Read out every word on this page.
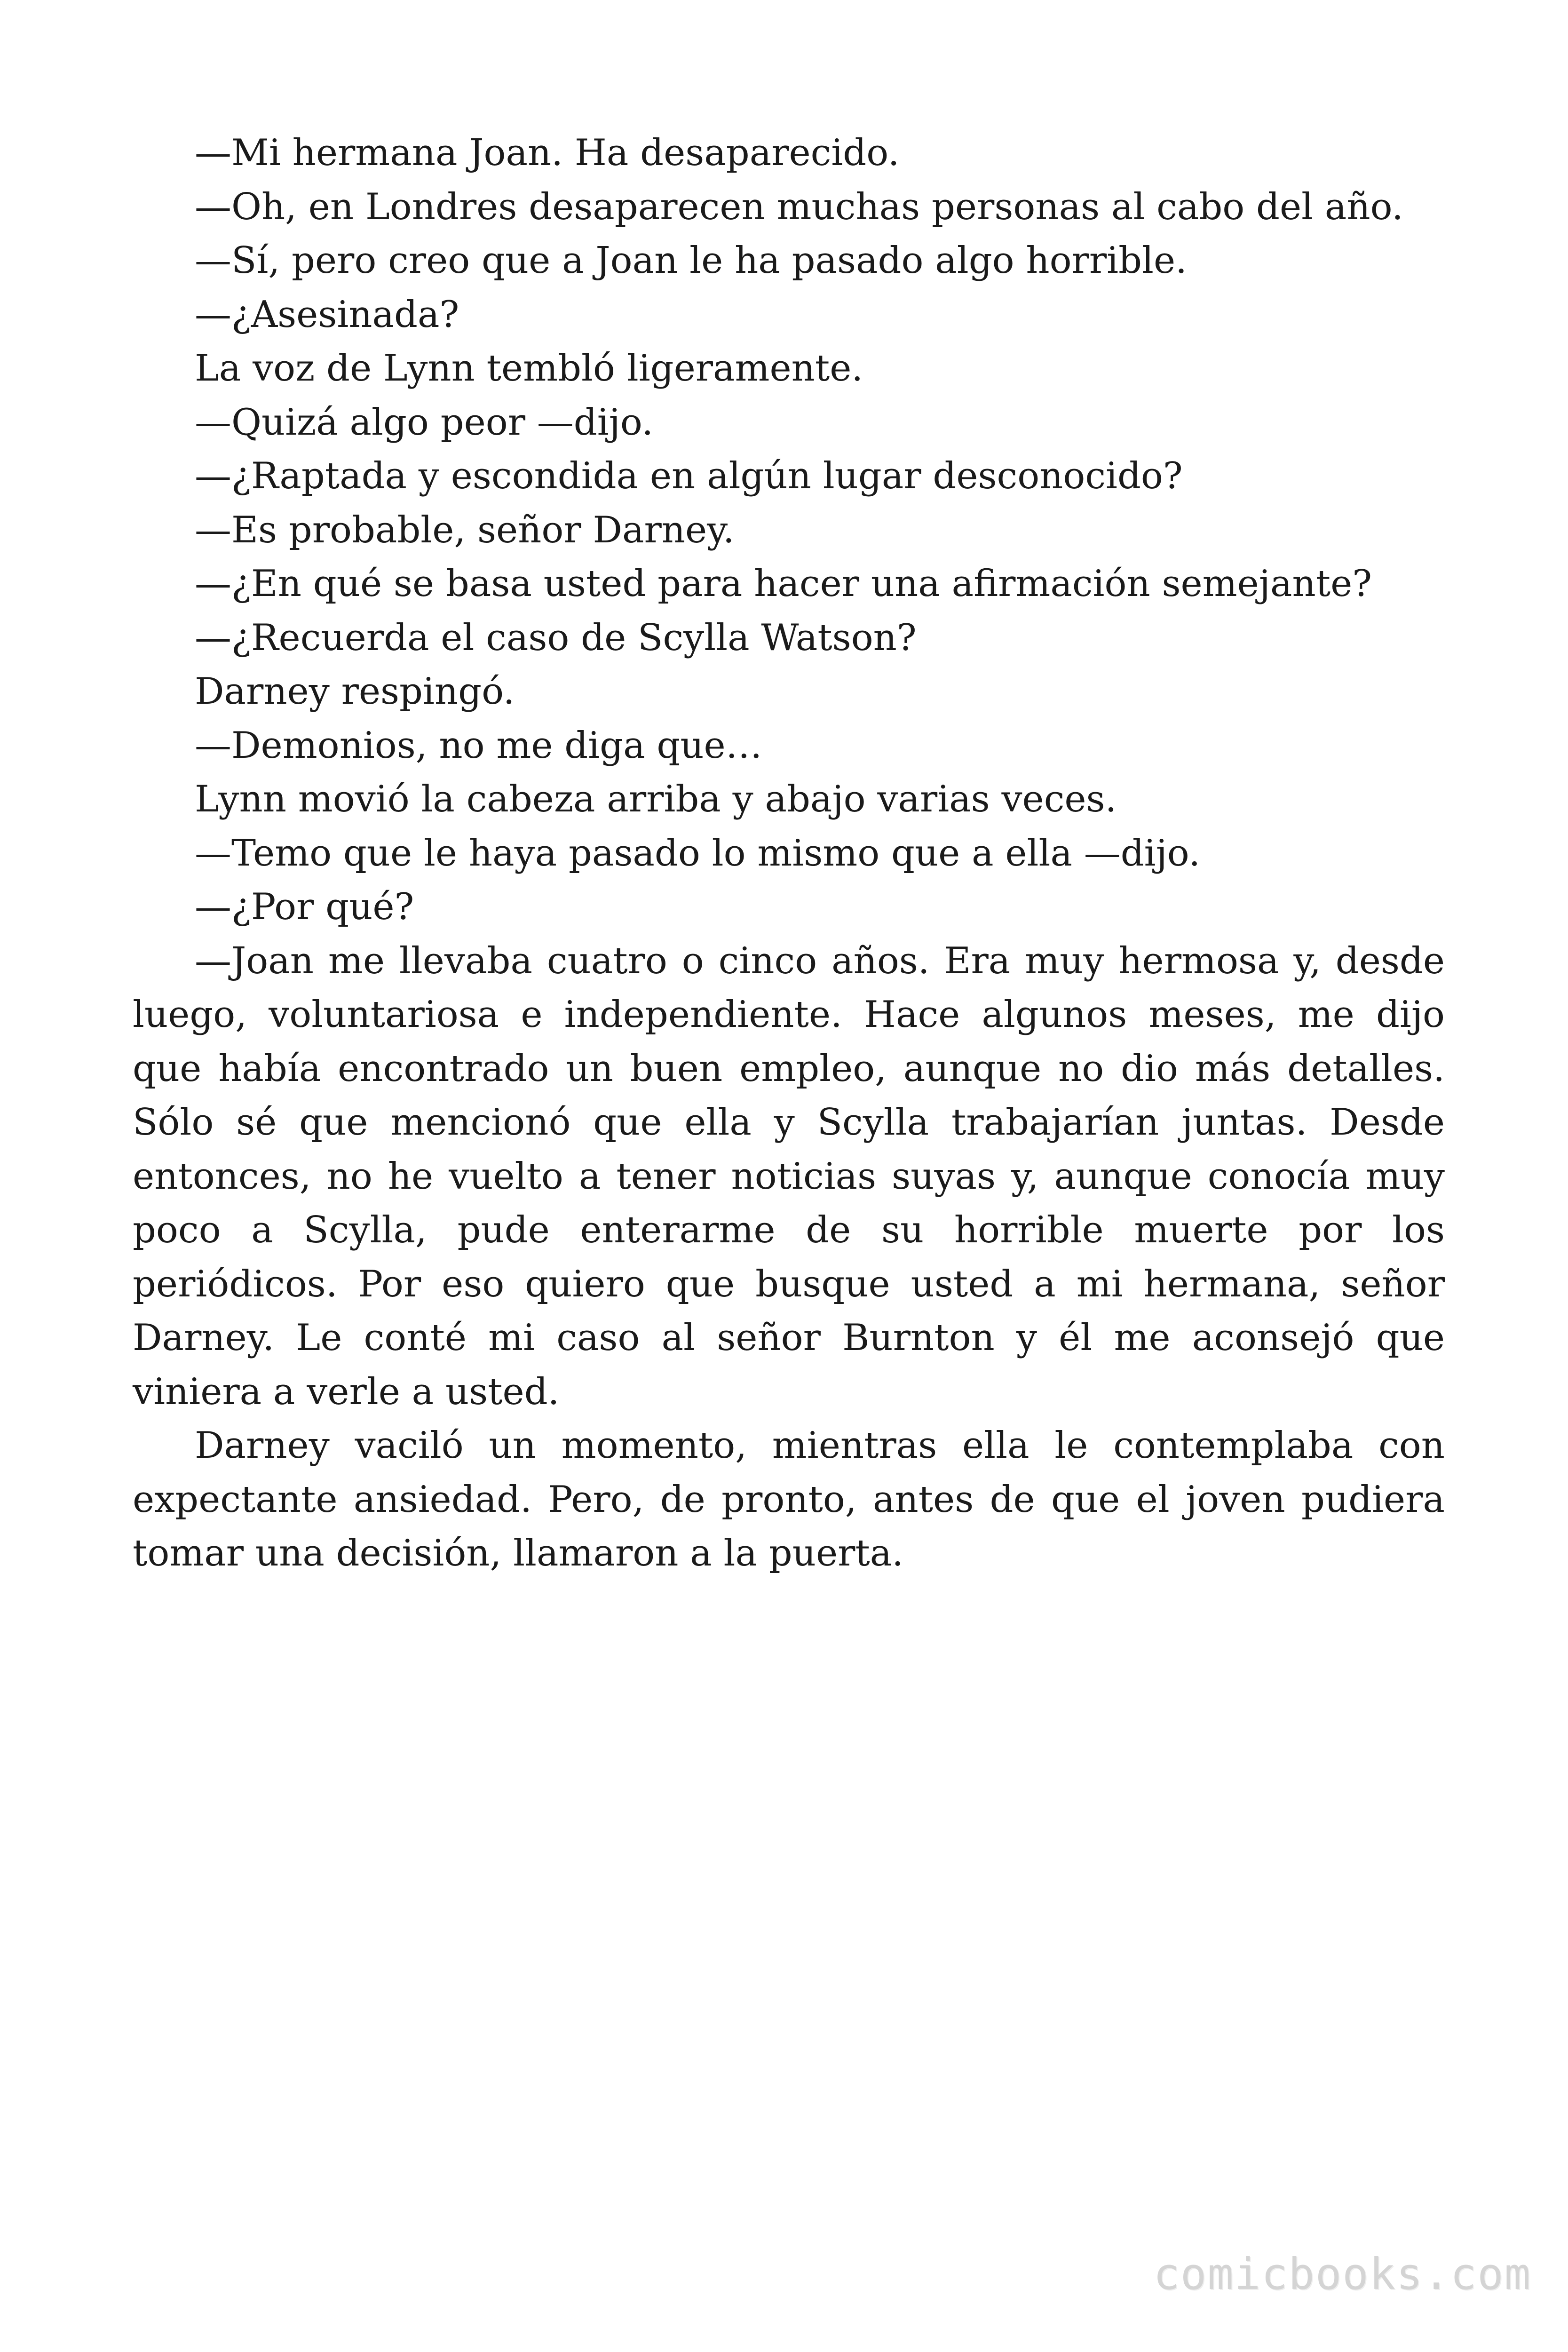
—Mi hermana Joan. Ha desaparecido.

—Oh, en Londres desaparecen muchas personas al cabo del año.

—Sí, pero creo que a Joan le ha pasado algo horrible.

—¿Asesinada?

La voz de Lynn tembló ligeramente.

—Quizá algo peor —dijo.

—¿Raptada y escondida en algún lugar desconocido?

—Es probable, señor Darney.

—¿En qué se basa usted para hacer una afirmación semejante?

—¿Recuerda el caso de Scylla Watson?

Darney respingó.

—Demonios, no me diga que…

Lynn movió la cabeza arriba y abajo varias veces.

—Temo que le haya pasado lo mismo que a ella —dijo.

—¿Por qué?

—Joan me llevaba cuatro o cinco años. Era muy hermosa y, desde luego, voluntariosa e independiente. Hace algunos meses, me dijo que había encontrado un buen empleo, aunque no dio más detalles. Sólo sé que mencionó que ella y Scylla trabajarían juntas. Desde entonces, no he vuelto a tener noticias suyas y, aunque conocía muy poco a Scylla, pude enterarme de su horrible muerte por los periódicos. Por eso quiero que busque usted a mi hermana, señor Darney. Le conté mi caso al señor Burnton y él me aconsejó que viniera a verle a usted.

Darney vaciló un momento, mientras ella le contemplaba con expectante ansiedad. Pero, de pronto, antes de que el joven pudiera tomar una decisión, llamaron a la puerta.

comicbooks.com
